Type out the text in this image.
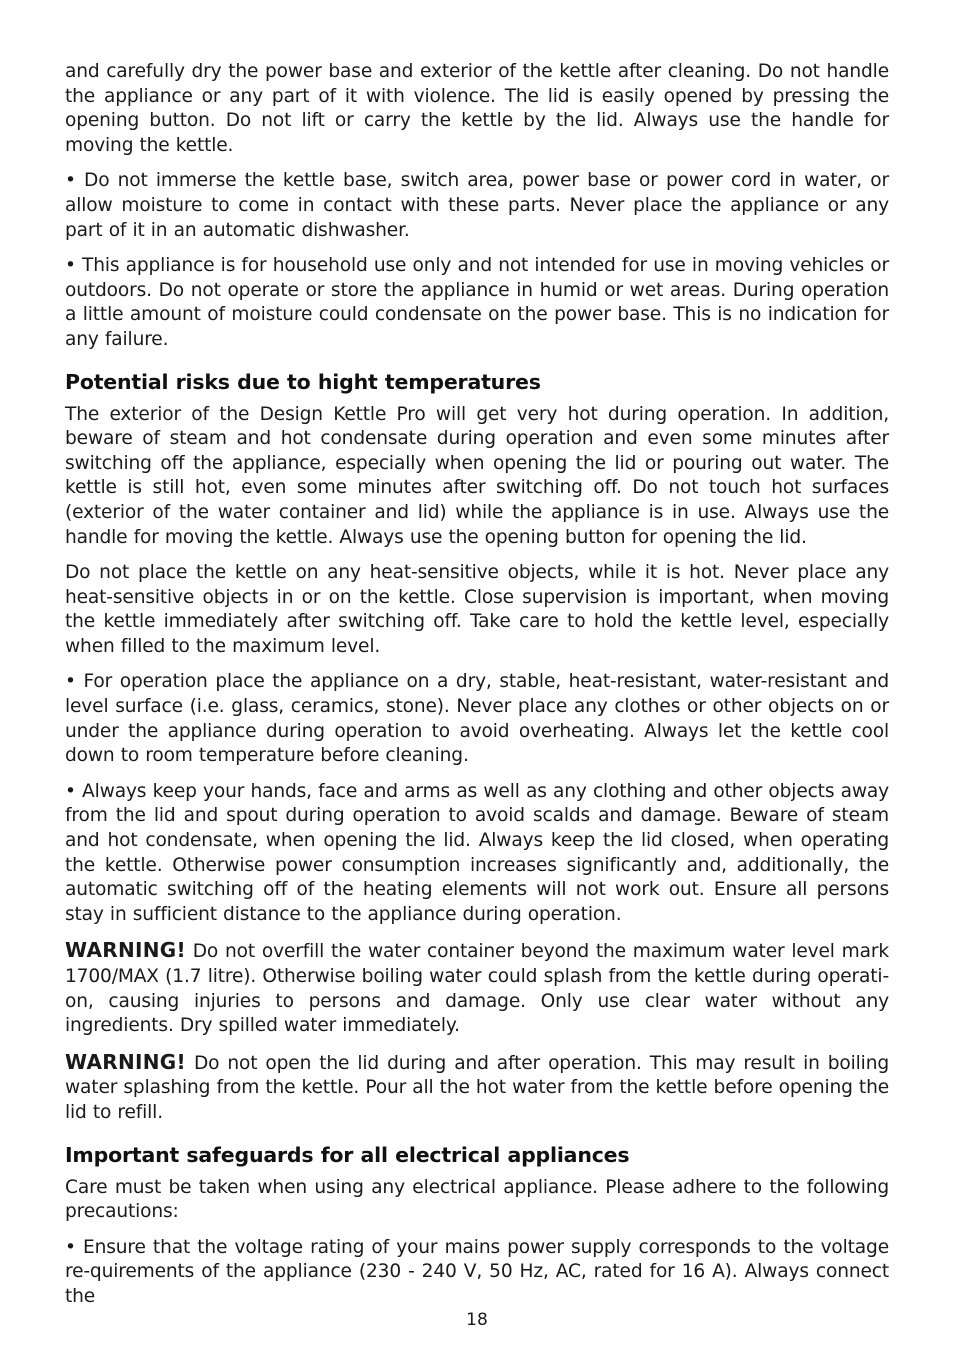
and carefully dry the power base and exterior of the kettle after cleaning. Do not handle the appliance or any part of it with violence. The lid is easily opened by pressing the opening button. Do not lift or carry the kettle by the lid. Always use the handle for moving the kettle.

• Do not immerse the kettle base, switch area, power base or power cord in water, or allow moisture to come in contact with these parts. Never place the appliance or any part of it in an automatic dishwasher.

• This appliance is for household use only and not intended for use in moving vehicles or outdoors. Do not operate or store the appliance in humid or wet areas. During operation a little amount of moisture could condensate on the power base. This is no indication for any failure.

Potential risks due to hight temperatures

The exterior of the Design Kettle Pro will get very hot during operation. In addition, beware of steam and hot condensate during operation and even some minutes after switching off the appliance, especially when opening the lid or pouring out water. The kettle is still hot, even some minutes after switching off. Do not touch hot surfaces (exterior of the water container and lid) while the appliance is in use. Always use the handle for moving the kettle. Always use the opening button for opening the lid.

Do not place the kettle on any heat-sensitive objects, while it is hot. Never place any heat-sensitive objects in or on the kettle. Close supervision is important, when moving the kettle immediately after switching off. Take care to hold the kettle level, especially when filled to the maximum level.

• For operation place the appliance on a dry, stable, heat-resistant, water-resistant and level surface (i.e. glass, ceramics, stone). Never place any clothes or other objects on or under the appliance during operation to avoid overheating. Always let the kettle cool down to room temperature before cleaning.

• Always keep your hands, face and arms as well as any clothing and other objects away from the lid and spout during operation to avoid scalds and damage. Beware of steam and hot condensate, when opening the lid. Always keep the lid closed, when operating the kettle. Otherwise power consumption increases significantly and, additionally, the automatic switching off of the heating elements will not work out. Ensure all persons stay in sufficient distance to the appliance during operation.

WARNING! Do not overfill the water container beyond the maximum water level mark 1700/MAX (1.7 litre). Otherwise boiling water could splash from the kettle during operati-on, causing injuries to persons and damage. Only use clear water without any ingredients. Dry spilled water immediately.

WARNING! Do not open the lid during and after operation. This may result in boiling water splashing from the kettle. Pour all the hot water from the kettle before opening the lid to refill.

Important safeguards for all electrical appliances

Care must be taken when using any electrical appliance. Please adhere to the following precautions:

• Ensure that the voltage rating of your mains power supply corresponds to the voltage re-quirements of the appliance (230 - 240 V, 50 Hz, AC, rated for 16 A). Always connect the

18
